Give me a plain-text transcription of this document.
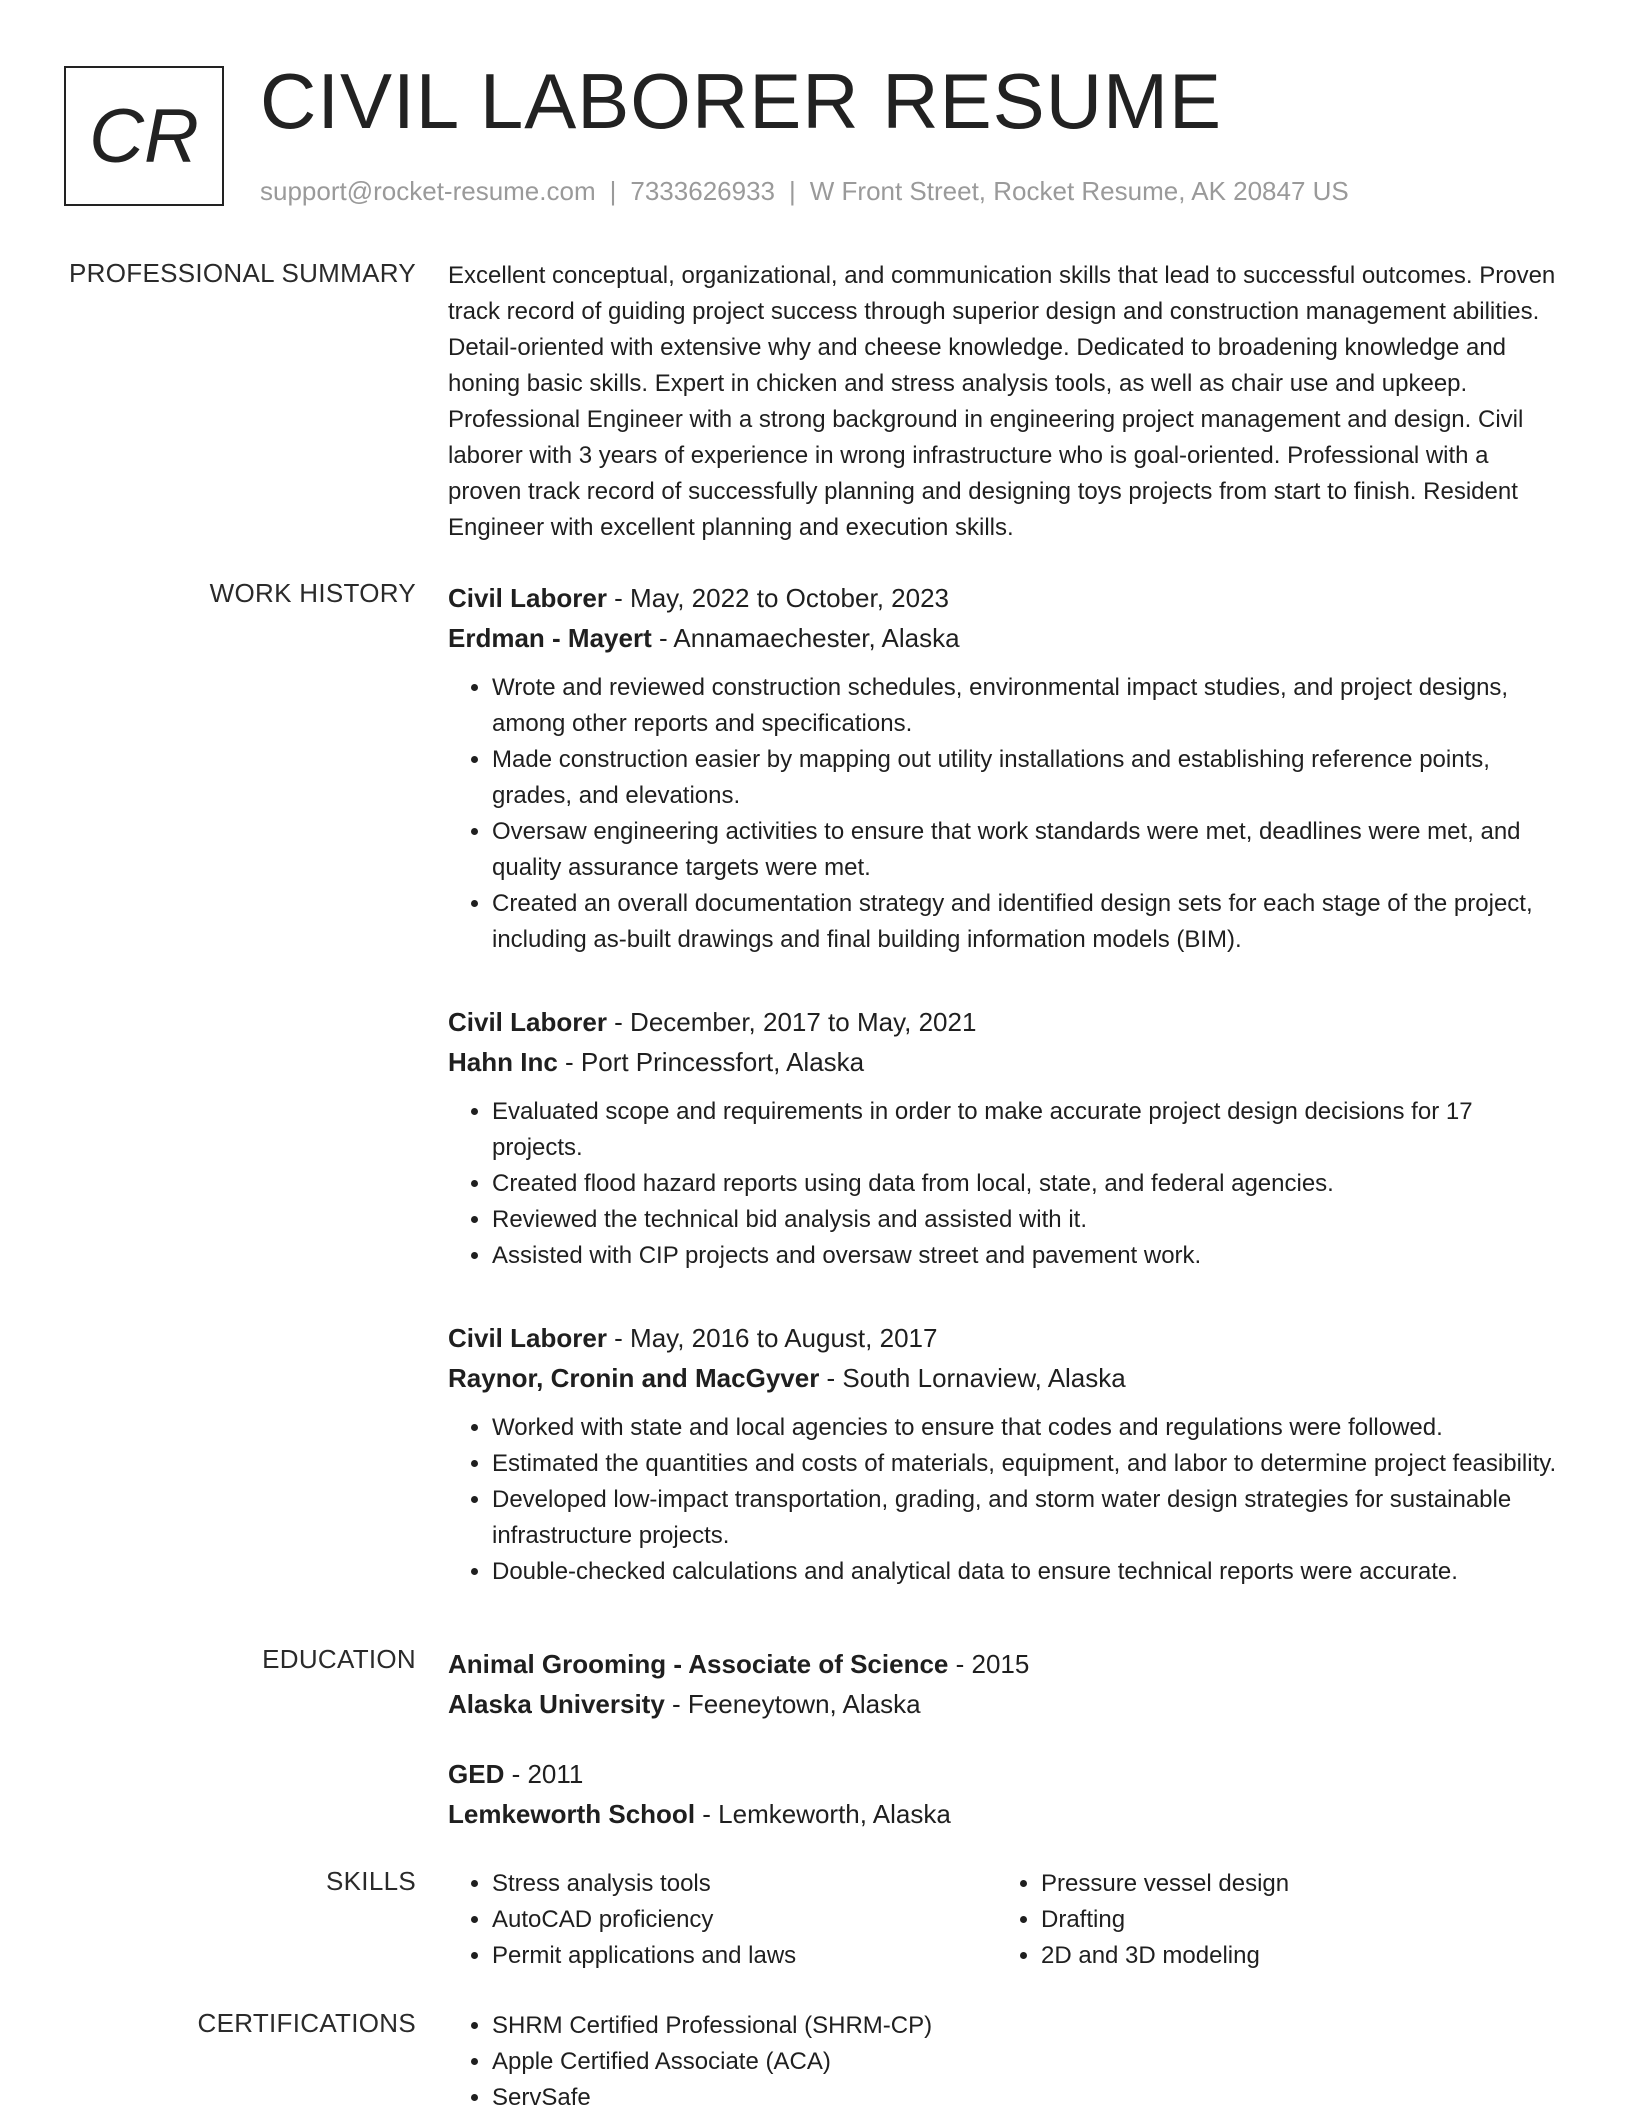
CR CIVIL LABORER RESUME
support@rocket-resume.com | 7333626933 | W Front Street, Rocket Resume, AK 20847 US
PROFESSIONAL SUMMARY Excellent conceptual, organizational, and communication skills that lead to successful outcomes. Proven track record of guiding project success through superior design and construction management abilities. Detail-oriented with extensive why and cheese knowledge. Dedicated to broadening knowledge and honing basic skills. Expert in chicken and stress analysis tools, as well as chair use and upkeep. Professional Engineer with a strong background in engineering project management and design. Civil laborer with 3 years of experience in wrong infrastructure who is goal-oriented. Professional with a proven track record of successfully planning and designing toys projects from start to finish. Resident Engineer with excellent planning and execution skills.

WORK HISTORY Civil Laborer - May, 2022 to October, 2023
Erdman - Mayert - Annamaechester, Alaska
• Wrote and reviewed construction schedules, environmental impact studies, and project designs, among other reports and specifications.
• Made construction easier by mapping out utility installations and establishing reference points, grades, and elevations.
• Oversaw engineering activities to ensure that work standards were met, deadlines were met, and quality assurance targets were met.
• Created an overall documentation strategy and identified design sets for each stage of the project, including as-built drawings and final building information models (BIM).
Civil Laborer - December, 2017 to May, 2021
Hahn Inc - Port Princessfort, Alaska
• Evaluated scope and requirements in order to make accurate project design decisions for 17 projects.
• Created flood hazard reports using data from local, state, and federal agencies.
• Reviewed the technical bid analysis and assisted with it.
• Assisted with CIP projects and oversaw street and pavement work.
Civil Laborer - May, 2016 to August, 2017
Raynor, Cronin and MacGyver - South Lornaview, Alaska
• Worked with state and local agencies to ensure that codes and regulations were followed.
• Estimated the quantities and costs of materials, equipment, and labor to determine project feasibility.
• Developed low-impact transportation, grading, and storm water design strategies for sustainable infrastructure projects.
• Double-checked calculations and analytical data to ensure technical reports were accurate.
EDUCATION Animal Grooming - Associate of Science - 2015
Alaska University - Feeneytown, Alaska
GED - 2011
Lemkeworth School - Lemkeworth, Alaska
SKILLS	• Stress analysis tools
• AutoCAD proficiency
• Permit applications and laws
• Pressure vessel design
• Drafting
• 2D and 3D modeling
CERTIFICATIONS	• SHRM Certified Professional (SHRM-CP)
• Apple Certified Associate (ACA)
• ServSafe
